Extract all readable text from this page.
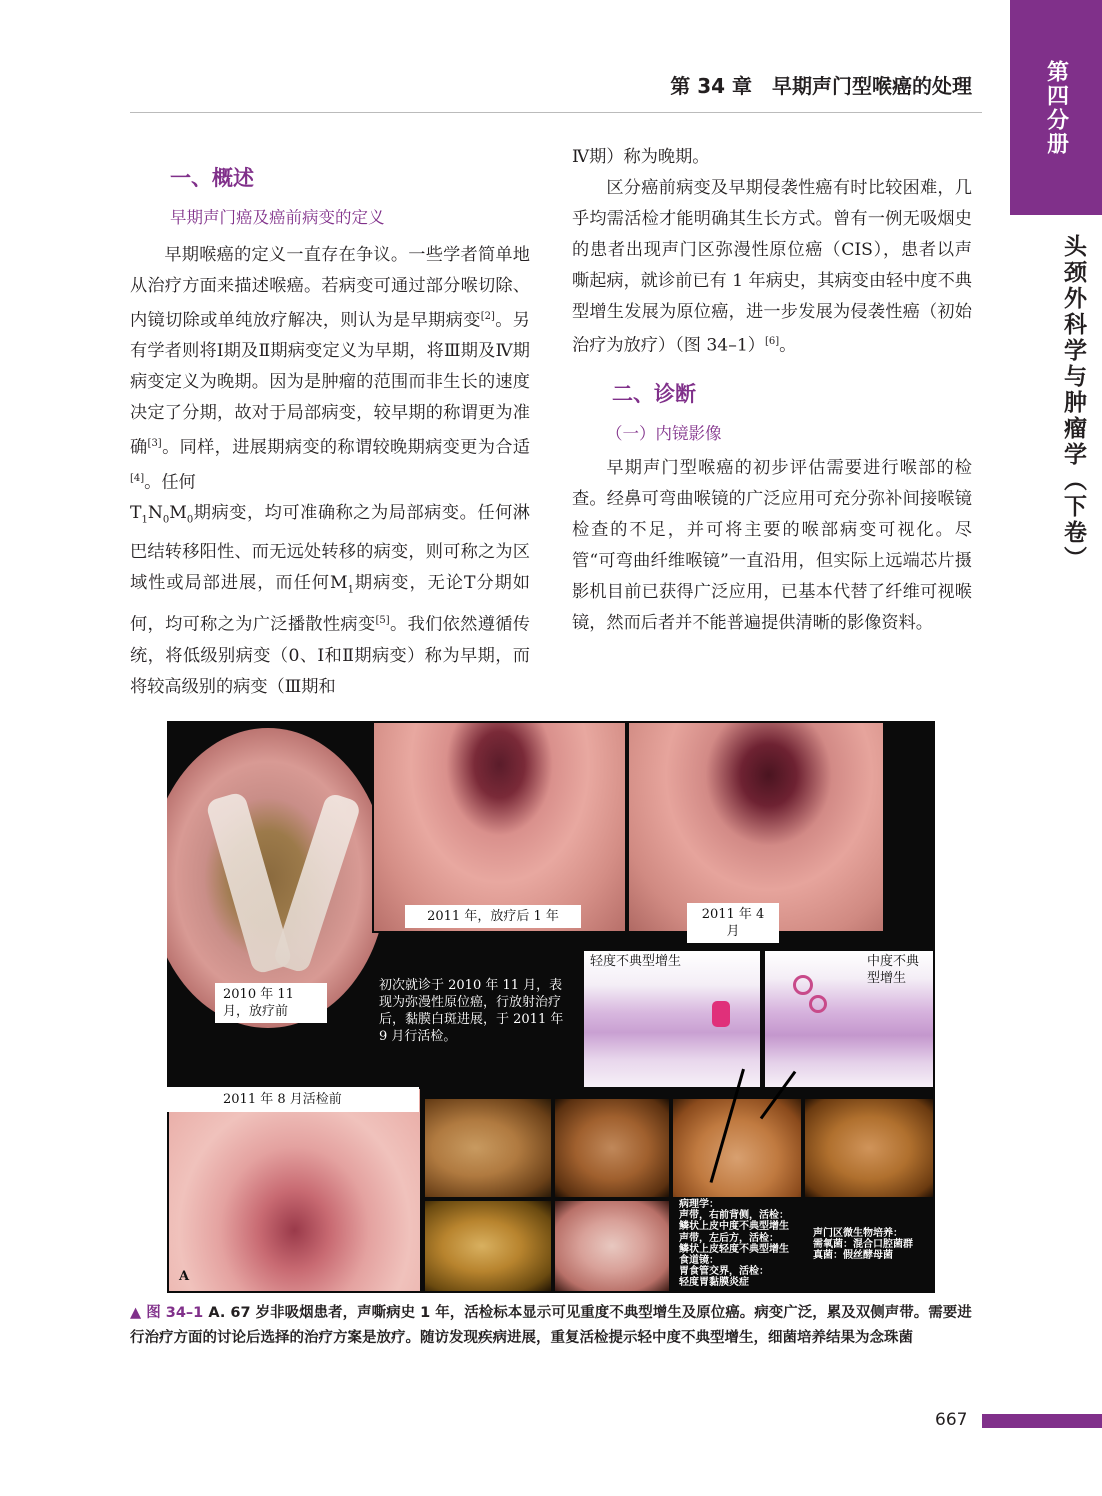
第 34 章　早期声门型喉癌的处理	第四分册
头颈外科学与肿瘤学（下卷）
一、概述
早期声门癌及癌前病变的定义

早期喉癌的定义一直存在争议。一些学者简单地从治疗方面来描述喉癌。若病变可通过部分喉切除、内镜切除或单纯放疗解决，则认为是早期病变[2]。另有学者则将Ⅰ期及Ⅱ期病变定义为早期，将Ⅲ期及Ⅳ期病变定义为晚期。因为是肿瘤的范围而非生长的速度决定了分期，故对于局部病变，较早期的称谓更为准确[3]。同样，进展期病变的称谓较晚期病变更为合适[4]。任何
$T_1N_0M_0$期病变，均可准确称之为局部病变。任何淋巴结转移阳性、而无远处转移的病变，则可称之为区域性或局部进展，而任何$M_1$期病变，无论T分期如何，均可称之为广泛播散性病变[5]。我们依然遵循传统，将低级别病变（0、Ⅰ和Ⅱ期病变）称为早期，而将较高级别的病变（Ⅲ期和

Ⅳ期）称为晚期。

区分癌前病变及早期侵袭性癌有时比较困难，几乎均需活检才能明确其生长方式。曾有一例无吸烟史的患者出现声门区弥漫性原位癌（CIS），患者以声嘶起病，就诊前已有 1 年病史，其病变由轻中度不典型增生发展为原位癌，进一步发展为侵袭性癌（初始治疗为放疗）（图 34–1）[6]。

二、诊断
（一）内镜影像

早期声门型喉癌的初步评估需要进行喉部的检查。经鼻可弯曲喉镜的广泛应用可充分弥补间接喉镜检查的不足，并可将主要的喉部病变可视化。尽管“可弯曲纤维喉镜”一直沿用，但实际上远端芯片摄影机目前已获得广泛应用，已基本代替了纤维可视喉镜，然而后者并不能普遍提供清晰的影像资料。

2010 年 11 月，放疗前
2011 年，放疗后 1 年	2011 年 4 月
初次就诊于 2010 年 11 月，表现为弥漫性原位癌，行放射治疗后，黏膜白斑进展，于 2011 年 9 月行活检。
轻度不典型增生	中度不典型增生
2011 年 8 月活检前
A
病理学：
声带，右前背侧，活检：
鳞状上皮中度不典型增生
声带，左后方，活检：
鳞状上皮轻度不典型增生
食道镜：
胃食管交界，活检：
轻度胃黏膜炎症
声门区微生物培养：
需氧菌：混合口腔菌群
真菌：假丝酵母菌
▲ 图 34–1 A. 67 岁非吸烟患者，声嘶病史 1 年，活检标本显示可见重度不典型增生及原位癌。病变广泛，累及双侧声带。需要进行治疗方面的讨论后选择的治疗方案是放疗。随访发现疾病进展，重复活检提示轻中度不典型增生，细菌培养结果为念珠菌
667
